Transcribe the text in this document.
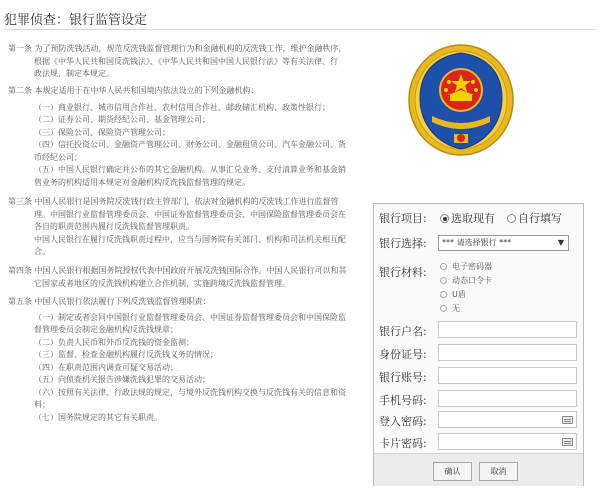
犯罪侦查：银行监管设定
第一条 为了预防洗钱活动，规范反洗钱监督管理行为和金融机构的反洗钱工作，维护金融秩序，
根据《中华人民共和国反洗钱法》、《中华人民共和国中国人民银行法》等有关法律、行
政法规，制定本规定。
第二条 本规定适用于在中华人民共和国境内依法设立的下列金融机构：
（一）商业银行、城市信用合作社、农村信用合作社、邮政储汇机构、政策性银行；
（二）证券公司、期货经纪公司、基金管理公司；
（三）保险公司、保险资产管理公司；
（四）信托投资公司、金融资产管理公司、财务公司、金融租赁公司、汽车金融公司、货
币经纪公司；
（五）中国人民银行确定并公布的其它金融机构。从事汇兑业务、支付清算业务和基金销
售业务的机构适用本规定对金融机构反洗钱监督管理的规定。
第三条 中国人民银行是国务院反洗钱行政主管部门，依法对金融机构的反洗钱工作进行监督管
理。中国银行业监督管理委员会、中国证券监督管理委员会、中国保险监督管理委员会在
各自的职责范围内履行反洗钱监督管理职责。
中国人民银行在履行反洗钱职责过程中，应当与国务院有关部门、机构和司法机关相互配
合。
第四条 中国人民银行根据国务院授权代表中国政府开展反洗钱国际合作。中国人民银行可以和其
它国家或者地区的反洗钱机构建立合作机制，实施跨境反洗钱监督管理。
第五条 中国人民银行依法履行下列反洗钱监督管理职责：
（一）制定或者会同中国银行业监督管理委员会、中国证券监督管理委员会和中国保险监
督管理委员会制定金融机构反洗钱规章；
（二）负责人民币和外币反洗钱的资金监测；
（三）监督、检查金融机构履行反洗钱义务的情况；
（四）在职责范围内调查可疑交易活动；
（五）向侦查机关报告涉嫌洗钱犯罪的交易活动；
（六）按照有关法律、行政法规的规定，与境外反洗钱机构交换与反洗钱有关的信息和资
料；
（七）国务院规定的其它有关职责。
银行项目:	选取现有	自行填写
银行选择:	*** 请选择银行 ***	▼
银行材料:	电子密码器
动态口令卡
U盾
无
银行户名:
身份证号:
银行账号:
手机号码:
登入密码:
卡片密码:
确认	取消
